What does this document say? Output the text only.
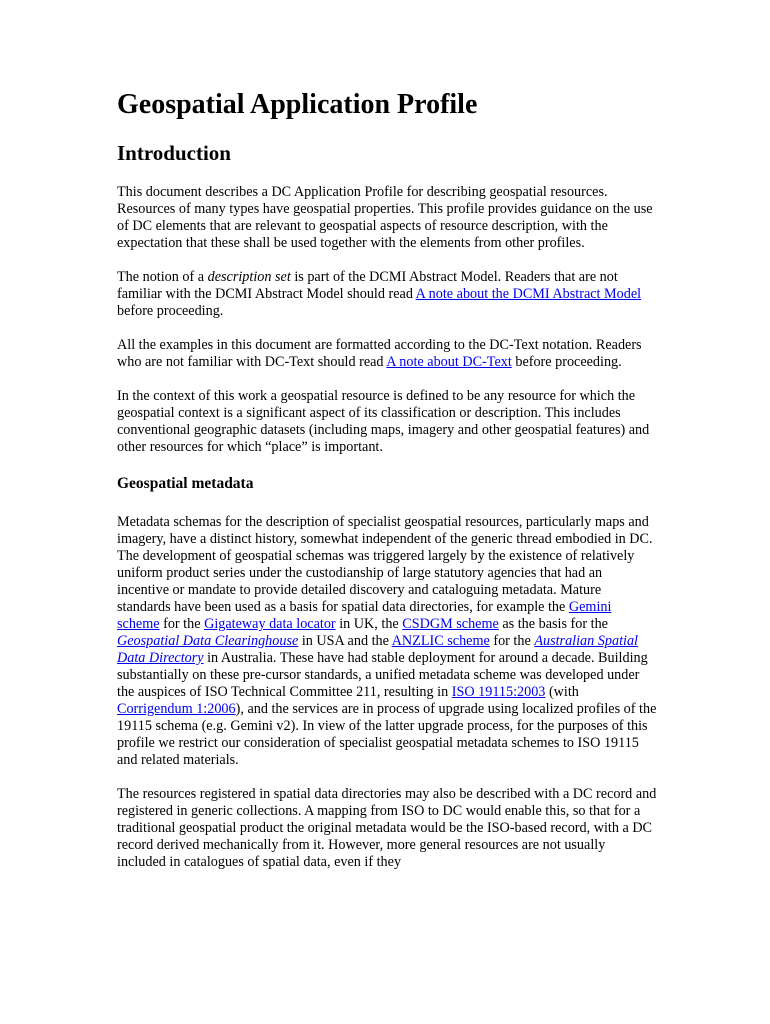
Geospatial Application Profile
Introduction

This document describes a DC Application Profile for describing geospatial resources. Resources of many types have geospatial properties. This profile provides guidance on the use of DC elements that are relevant to geospatial aspects of resource description, with the expectation that these shall be used together with the elements from other profiles.

The notion of a description set is part of the DCMI Abstract Model. Readers that are not familiar with the DCMI Abstract Model should read A note about the DCMI Abstract Model before proceeding.

All the examples in this document are formatted according to the DC-Text notation. Readers who are not familiar with DC-Text should read A note about DC-Text before proceeding.

In the context of this work a geospatial resource is defined to be any resource for which the geospatial context is a significant aspect of its classification or description. This includes conventional geographic datasets (including maps, imagery and other geospatial features) and other resources for which “place” is important.

Geospatial metadata

Metadata schemas for the description of specialist geospatial resources, particularly maps and imagery, have a distinct history, somewhat independent of the generic thread embodied in DC. The development of geospatial schemas was triggered largely by the existence of relatively uniform product series under the custodianship of large statutory agencies that had an incentive or mandate to provide detailed discovery and cataloguing metadata. Mature standards have been used as a basis for spatial data directories, for example the Gemini scheme for the Gigateway data locator in UK, the CSDGM scheme as the basis for the Geospatial Data Clearinghouse in USA and the ANZLIC scheme for the Australian Spatial Data Directory in Australia. These have had stable deployment for around a decade. Building substantially on these pre-cursor standards, a unified metadata scheme was developed under the auspices of ISO Technical Committee 211, resulting in ISO 19115:2003 (with Corrigendum 1:2006), and the services are in process of upgrade using localized profiles of the 19115 schema (e.g. Gemini v2). In view of the latter upgrade process, for the purposes of this profile we restrict our consideration of specialist geospatial metadata schemes to ISO 19115 and related materials.

The resources registered in spatial data directories may also be described with a DC record and registered in generic collections. A mapping from ISO to DC would enable this, so that for a traditional geospatial product the original metadata would be the ISO-based record, with a DC record derived mechanically from it. However, more general resources are not usually included in catalogues of spatial data, even if they
